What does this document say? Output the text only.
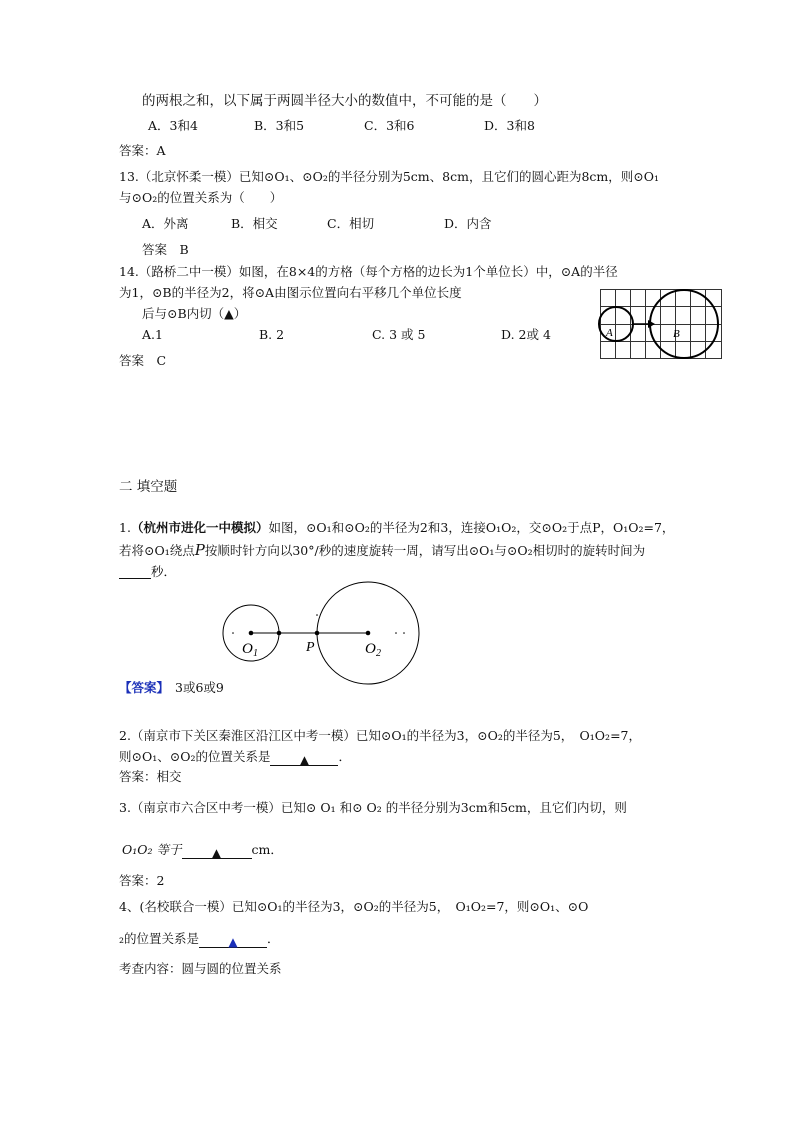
的两根之和，以下属于两圆半径大小的数值中，不可能的是（　　）
A．3和4	B．3和5	C．3和6	D．3和8
答案：A
13.（北京怀柔一模）已知⊙O₁、⊙O₂的半径分别为5cm、8cm，且它们的圆心距为8cm，则⊙O₁
与⊙O₂的位置关系为（　　）
A．外离	B．相交	C．相切	D．内含
答案　B
14.（路桥二中一模）如图，在8×4的方格（每个方格的边长为1个单位长）中，⊙A的半径
为1，⊙B的半径为2，将⊙A由图示位置向右平移几个单位长度
后与⊙B内切（▲）
A.1	B. 2	C. 3 或 5	D. 2或 4
答案　C
A	B
二 填空题
1.（杭州市进化一中模拟）如图，⊙O₁和⊙O₂的半径为2和3，连接O₁O₂，交⊙O₂于点P，O₁O₂=7，
若将⊙O₁绕点P按顺时针方向以30°/秒的速度旋转一周，请写出⊙O₁与⊙O₂相切时的旋转时间为
秒．
O 1	P	O 2
【答案】 3或6或9
2.（南京市下关区秦淮区沿江区中考一模）已知⊙O₁的半径为3，⊙O₂的半径为5，　O₁O₂=7，
则⊙O₁、⊙O₂的位置关系是 ▲ ．
答案：相交
3.（南京市六合区中考一模）已知⊙ O₁ 和⊙ O₂ 的半径分别为3cm和5cm，且它们内切，则
O₁O₂ 等于	▲ cm．
答案：2
4、(名校联合一模）已知⊙O₁的半径为3，⊙O₂的半径为5，　O₁O₂=7，则⊙O₁、⊙O
₂的位置关系是 ▲ ．
考查内容：圆与圆的位置关系
